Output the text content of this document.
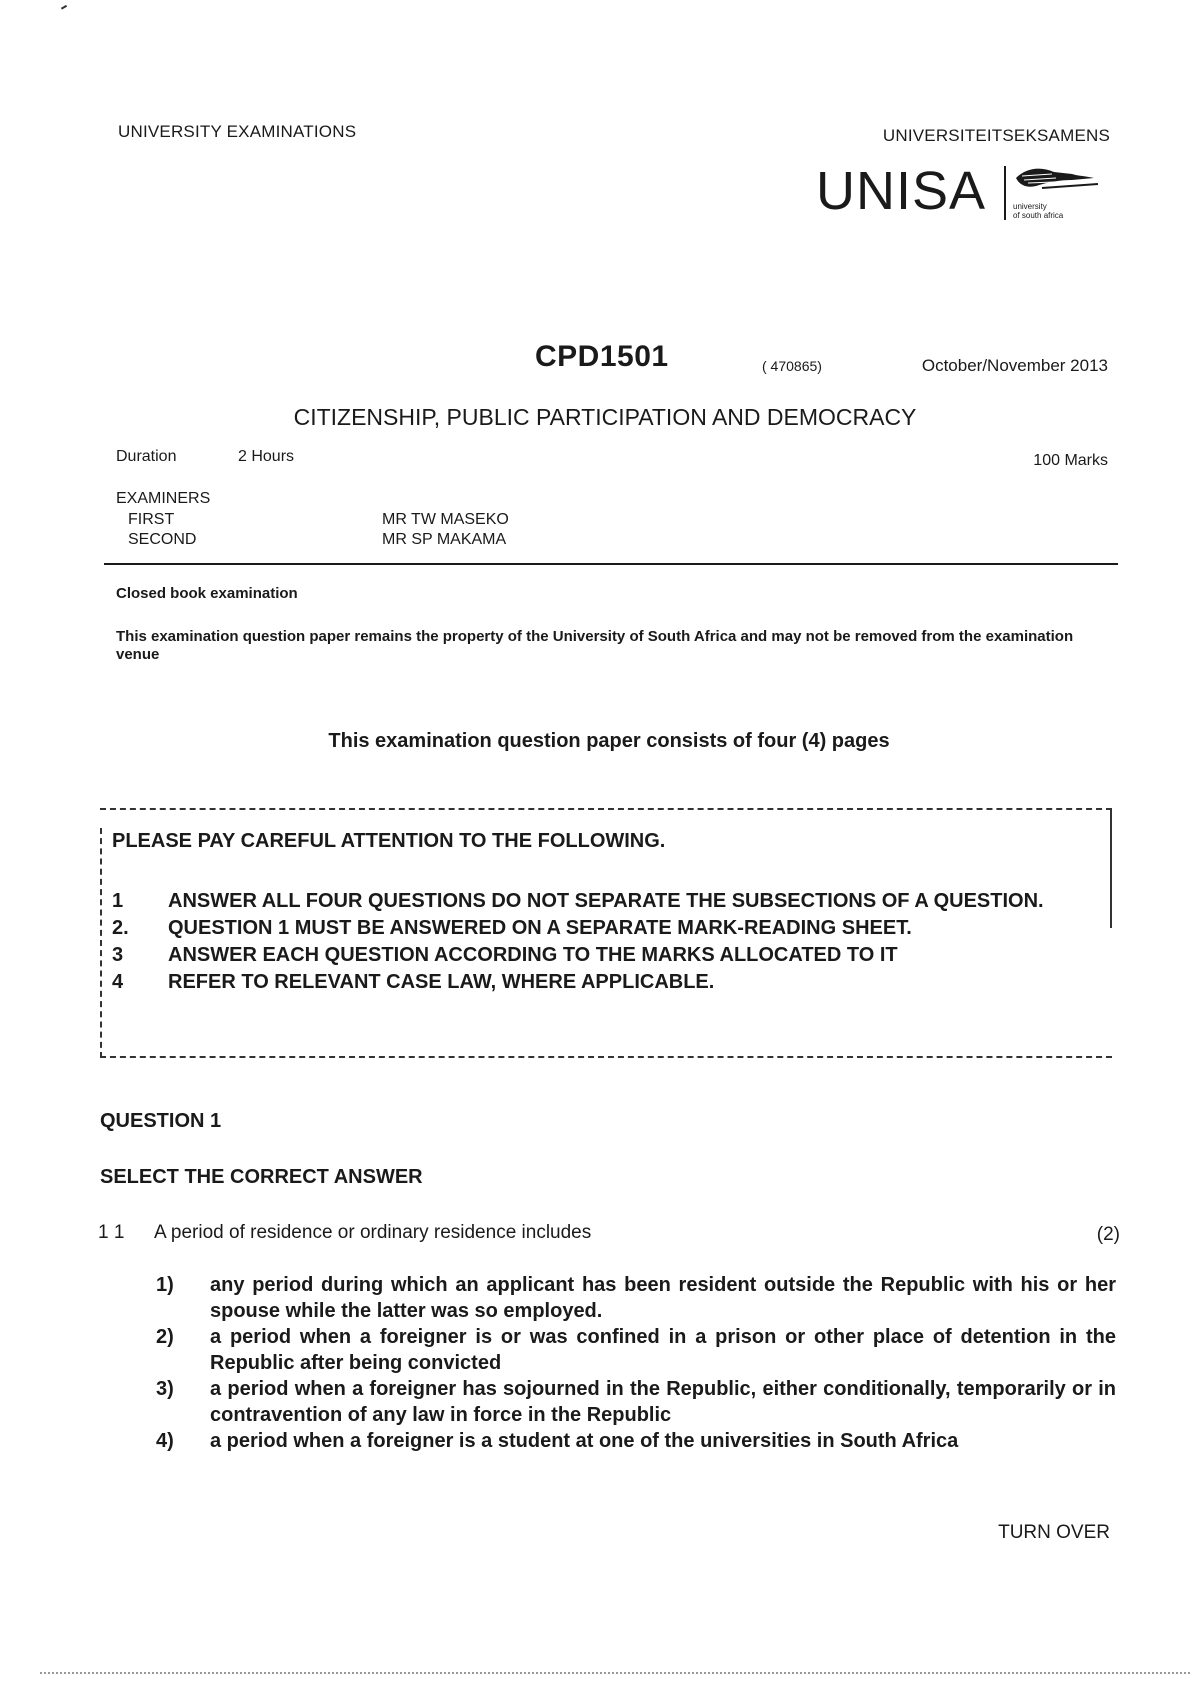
UNIVERSITY EXAMINATIONS	UNIVERSITEITSEKSAMENS
UNISA	university
of south africa
CPD1501	( 470865)	October/November 2013
CITIZENSHIP, PUBLIC PARTICIPATION AND DEMOCRACY
Duration	2 Hours	100 Marks
EXAMINERS
FIRST	MR TW MASEKO
SECOND	MR SP MAKAMA
Closed book examination
This examination question paper remains the property of the University of South Africa and may not be removed from the examination venue
This examination question paper consists of four (4) pages
PLEASE PAY CAREFUL ATTENTION TO THE FOLLOWING.
1	ANSWER ALL FOUR QUESTIONS DO NOT SEPARATE THE SUBSECTIONS OF A QUESTION.
2.	QUESTION 1 MUST BE ANSWERED ON A SEPARATE MARK-READING SHEET.
3	ANSWER EACH QUESTION ACCORDING TO THE MARKS ALLOCATED TO IT
4	REFER TO RELEVANT CASE LAW, WHERE APPLICABLE.
QUESTION 1
SELECT THE CORRECT ANSWER
1 1 A period of residence or ordinary residence includes	(2)
1)	any period during which an applicant has been resident outside the Republic with his or her spouse while the latter was so employed.
2)	a period when a foreigner is or was confined in a prison or other place of detention in the Republic after being convicted
3)	a period when a foreigner has sojourned in the Republic, either conditionally, temporarily or in contravention of any law in force in the Republic
4)	a period when a foreigner is a student at one of the universities in South Africa
TURN OVER
